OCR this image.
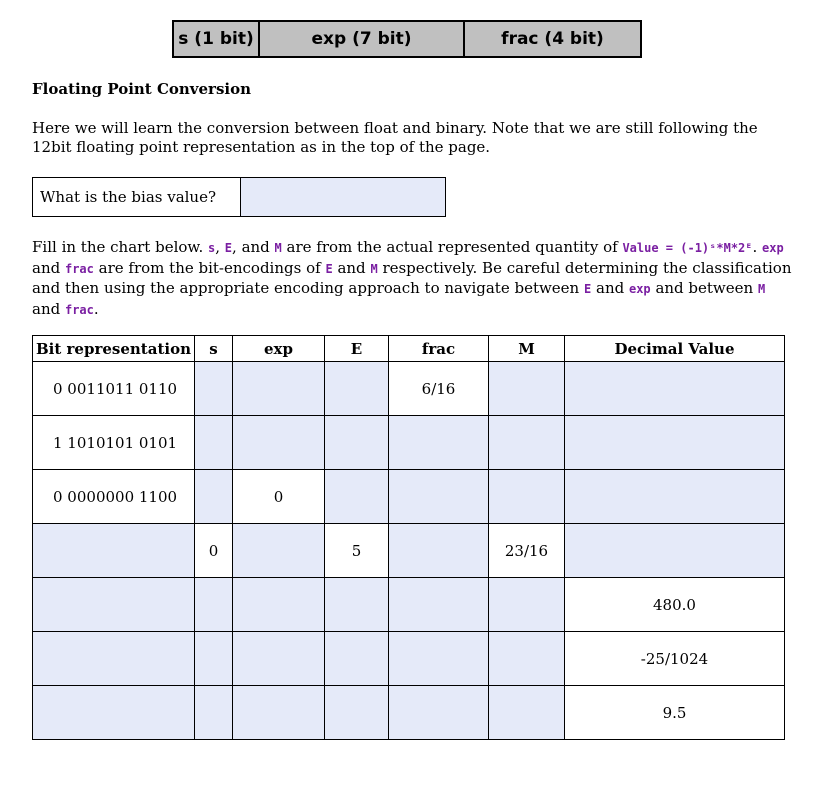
s (1 bit)	exp (7 bit)	frac (4 bit)
Floating Point Conversion

Here we will learn the conversion between float and binary. Note that we are still following the 12bit floating point representation as in the top of the page.

What is the bias value?

Fill in the chart below. s, E, and M are from the actual represented quantity of Value = (-1)ˢ*M*2ᴱ. exp and frac are from the bit-encodings of E and M respectively. Be careful determining the classification and then using the appropriate encoding approach to navigate between E and exp and between M and frac.

Bit representation	s	exp	E	frac	M	Decimal Value
0 0011011 0110				6/16		
1 1010101 0101						
0 0000000 1100		0				
	0		5		23/16	
						480.0
						-25/1024
						9.5
